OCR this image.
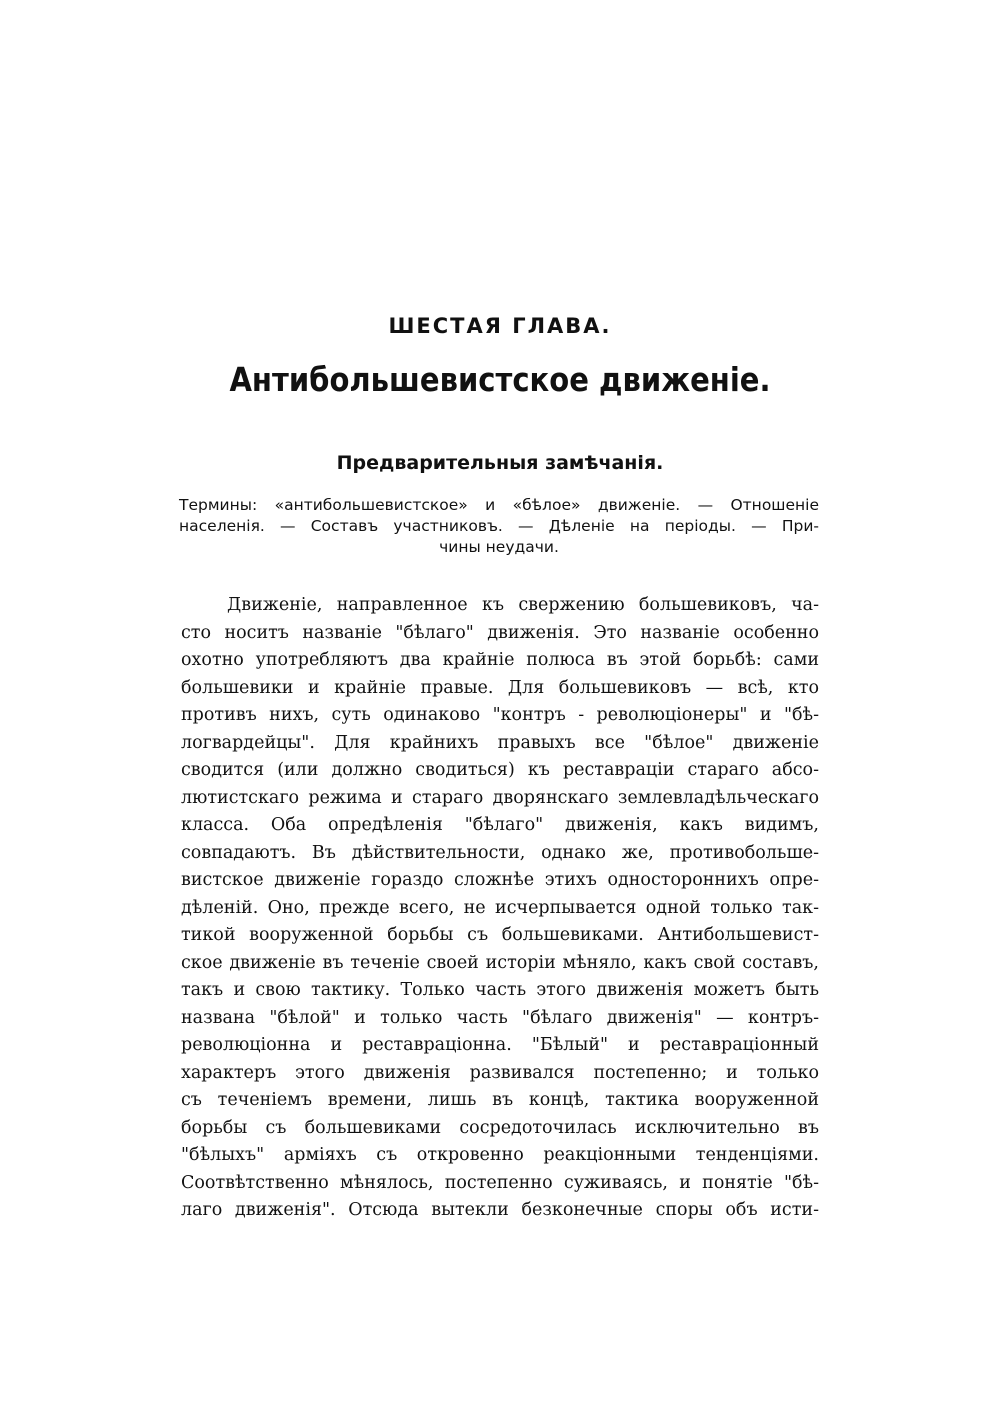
ШЕСТАЯ ГЛАВА.
Антибольшевистское движенiе.
Предварительныя замѣчанiя.
Термины: «антибольшевистское» и «бѣлое» движенiе. — Отношенiе
населенiя. — Составъ участниковъ. — Дѣленiе на перiоды. — При-
чины неудачи.
Движенiе, направленное къ свержению большевиковъ, ча-
сто носитъ названiе "бѣлаго" движенiя. Это названiе особенно
охотно употребляютъ два крайнiе полюса въ этой борьбѣ: сами
большевики и крайнiе правые. Для большевиковъ — всѣ, кто
противъ нихъ, суть одинаково "контръ - революцiонеры" и "бѣ-
логвардейцы". Для крайнихъ правыхъ все "бѣлое" движенiе
сводится (или должно сводиться) къ реставрацiи стараго абсо-
лютистскаго режима и стараго дворянскаго землевладѣльческаго
класса. Оба опредѣленiя "бѣлаго" движенiя, какъ видимъ,
совпадаютъ. Въ дѣйствительности, однако же, противобольше-
вистское движенiе гораздо сложнѣе этихъ одностороннихъ опре-
дѣленiй. Оно, прежде всего, не исчерпывается одной только так-
тикой вооруженной борьбы съ большевиками. Антибольшевист-
ское движенiе въ теченiе своей исторiи мѣняло, какъ свой составъ,
такъ и свою тактику. Только часть этого движенiя можетъ быть
названа "бѣлой" и только часть "бѣлаго движенiя" — контръ-
революцiонна и реставрацiонна. "Бѣлый" и реставрацiонный
характеръ этого движенiя развивался постепенно; и только
съ теченiемъ времени, лишь въ концѣ, тактика вооруженной
борьбы съ большевиками сосредоточилась исключительно въ
"бѣлыхъ" армiяхъ съ откровенно реакцiонными тенденцiями.
Соотвѣтственно мѣнялось, постепенно суживаясь, и понятiе "бѣ-
лаго движенiя". Отсюда вытекли безконечные споры объ исти-
